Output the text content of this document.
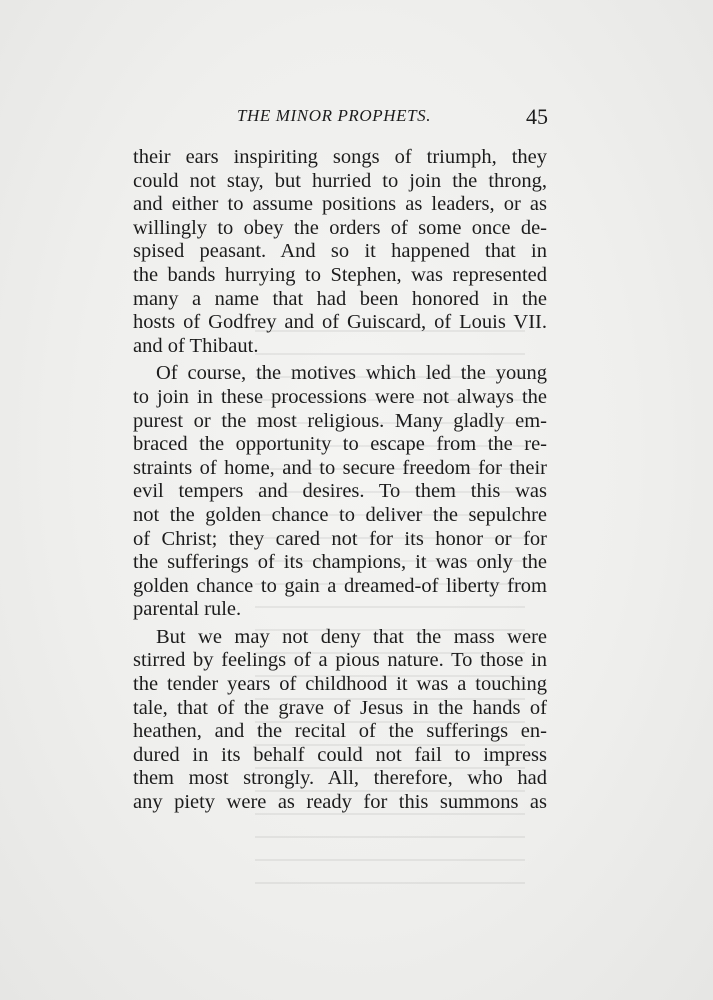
THE MINOR PROPHETS.	45

their ears inspiriting songs of triumph, they
could not stay, but hurried to join the throng,
and either to assume positions as leaders, or as
willingly to obey the orders of some once de-
spised peasant. And so it happened that in
the bands hurrying to Stephen, was represented
many a name that had been honored in the
hosts of Godfrey and of Guiscard, of Louis VII.
and of Thibaut.

Of course, the motives which led the young
to join in these processions were not always the
purest or the most religious. Many gladly em-
braced the opportunity to escape from the re-
straints of home, and to secure freedom for their
evil tempers and desires. To them this was
not the golden chance to deliver the sepulchre
of Christ; they cared not for its honor or for
the sufferings of its champions, it was only the
golden chance to gain a dreamed-of liberty from
parental rule.

But we may not deny that the mass were
stirred by feelings of a pious nature. To those in
the tender years of childhood it was a touching
tale, that of the grave of Jesus in the hands of
heathen, and the recital of the sufferings en-
dured in its behalf could not fail to impress
them most strongly. All, therefore, who had
any piety were as ready for this summons as
